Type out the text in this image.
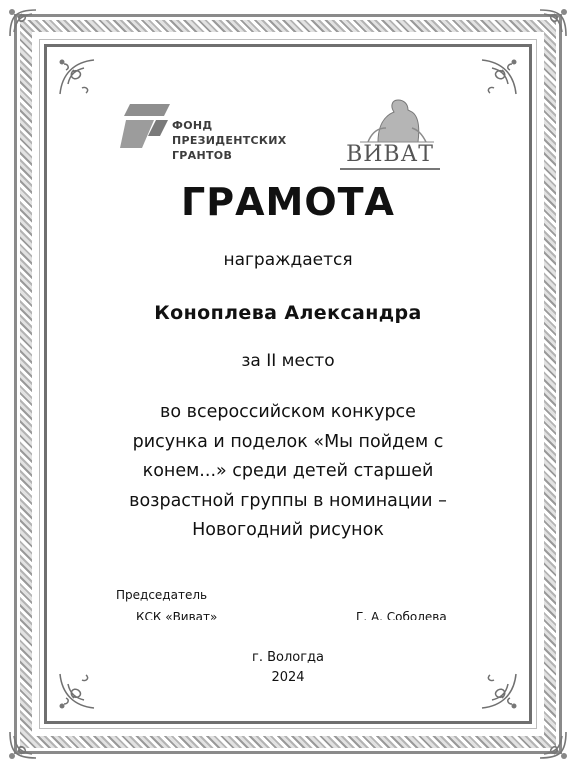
ФОНД
ПРЕЗИДЕНТСКИХ
ГРАНТОВ	ВИВАТ
ГРАМОТА
награждается
Коноплева Александра
за II место
во всероссийском конкурсе
рисунка и поделок «Мы пойдем с
конем...» среди детей старшей
возрастной группы в номинации –
Новогодний рисунок
Председатель
КСК «Виват»	Г. А. Соболева
г. Вологда
2024
